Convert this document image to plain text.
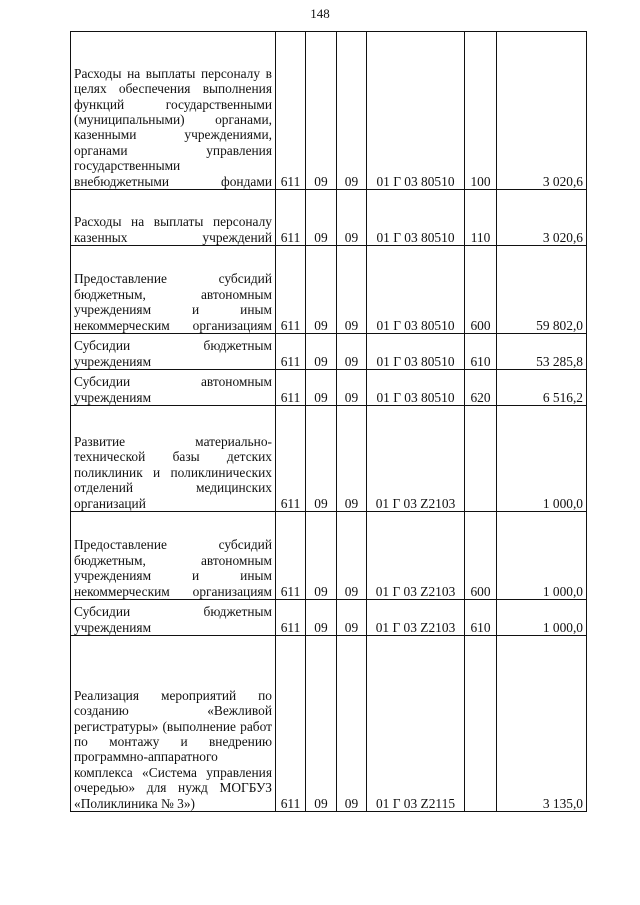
148
Расходы на выплаты персоналу в целях обеспечения выполнения функций государственными (муниципальными) органами, казенными учреждениями, органами управления государственными внебюджетными фондами	611	09	09	01 Г 03 80510	100	3 020,6
Расходы на выплаты персоналу казенных учреждений	611	09	09	01 Г 03 80510	110	3 020,6
Предоставление субсидий бюджетным, автономным учреждениям и иным некоммерческим организациям	611	09	09	01 Г 03 80510	600	59 802,0
Субсидии бюджетным учреждениям	611	09	09	01 Г 03 80510	610	53 285,8
Субсидии автономным учреждениям	611	09	09	01 Г 03 80510	620	6 516,2
Развитие материально-технической базы детских поликлиник и поликлинических отделений медицинских организаций	611	09	09	01 Г 03 Z2103		1 000,0
Предоставление субсидий бюджетным, автономным учреждениям и иным некоммерческим организациям	611	09	09	01 Г 03 Z2103	600	1 000,0
Субсидии бюджетным учреждениям	611	09	09	01 Г 03 Z2103	610	1 000,0
Реализация мероприятий по созданию «Вежливой регистратуры» (выполнение работ по монтажу и внедрению программно-аппаратного комплекса «Система управления очередью» для нужд МОГБУЗ «Поликлиника № 3»)	611	09	09	01 Г 03 Z2115		3 135,0
